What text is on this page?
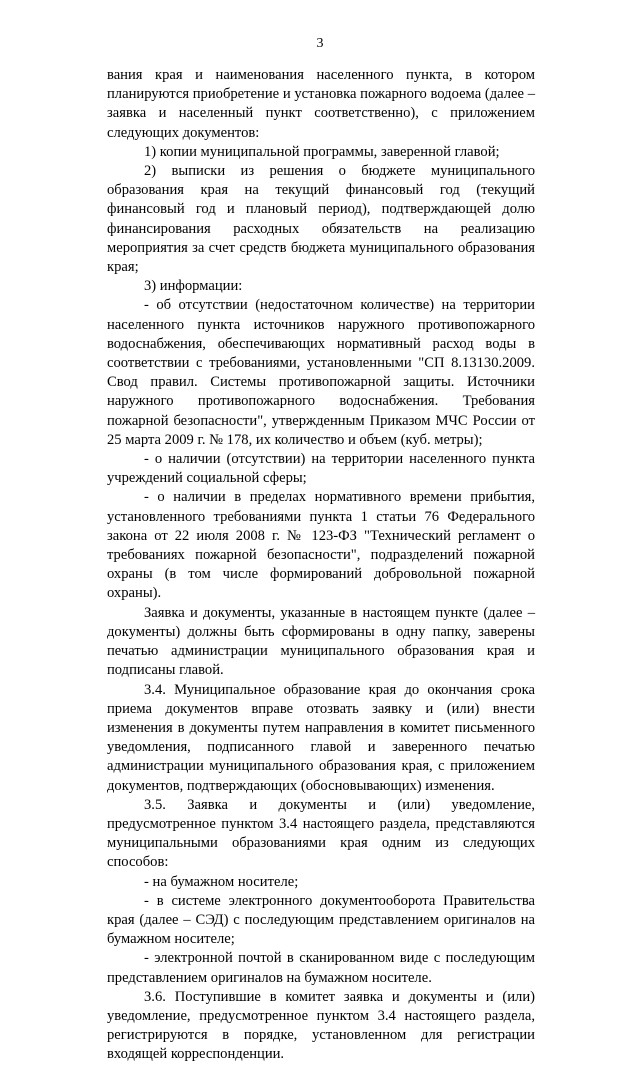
3

вания края и наименования населенного пункта, в котором планируются приобретение и установка пожарного водоема (далее – заявка и населенный пункт соответственно), с приложением следующих документов:

1) копии муниципальной программы, заверенной главой;

2) выписки из решения о бюджете муниципального образования края на текущий финансовый год (текущий финансовый год и плановый период), подтверждающей долю финансирования расходных обязательств на реализацию мероприятия за счет средств бюджета муниципального образования края;

3) информации:

- об отсутствии (недостаточном количестве) на территории населенного пункта источников наружного противопожарного водоснабжения, обеспечивающих нормативный расход воды в соответствии с требованиями, установленными "СП 8.13130.2009. Свод правил. Системы противопожарной защиты. Источники наружного противопожарного водоснабжения. Требования пожарной безопасности", утвержденным Приказом МЧС России от 25 марта 2009 г. № 178, их количество и объем (куб. метры);

- о наличии (отсутствии) на территории населенного пункта учреждений социальной сферы;

- о наличии в пределах нормативного времени прибытия, установленного требованиями пункта 1 статьи 76 Федерального закона от 22 июля 2008 г. № 123-ФЗ "Технический регламент о требованиях пожарной безопасности", подразделений пожарной охраны (в том числе формирований добровольной пожарной охраны).

Заявка и документы, указанные в настоящем пункте (далее – документы) должны быть сформированы в одну папку, заверены печатью администрации муниципального образования края и подписаны главой.

3.4. Муниципальное образование края до окончания срока приема документов вправе отозвать заявку и (или) внести изменения в документы путем направления в комитет письменного уведомления, подписанного главой и заверенного печатью администрации муниципального образования края, с приложением документов, подтверждающих (обосновывающих) изменения.

3.5. Заявка и документы и (или) уведомление, предусмотренное пунктом 3.4 настоящего раздела, представляются муниципальными образованиями края одним из следующих способов:

- на бумажном носителе;

- в системе электронного документооборота Правительства края (далее – СЭД) с последующим представлением оригиналов на бумажном носителе;

- электронной почтой в сканированном виде с последующим представлением оригиналов на бумажном носителе.

3.6. Поступившие в комитет заявка и документы и (или) уведомление, предусмотренное пунктом 3.4 настоящего раздела, регистрируются в порядке, установленном для регистрации входящей корреспонденции.
